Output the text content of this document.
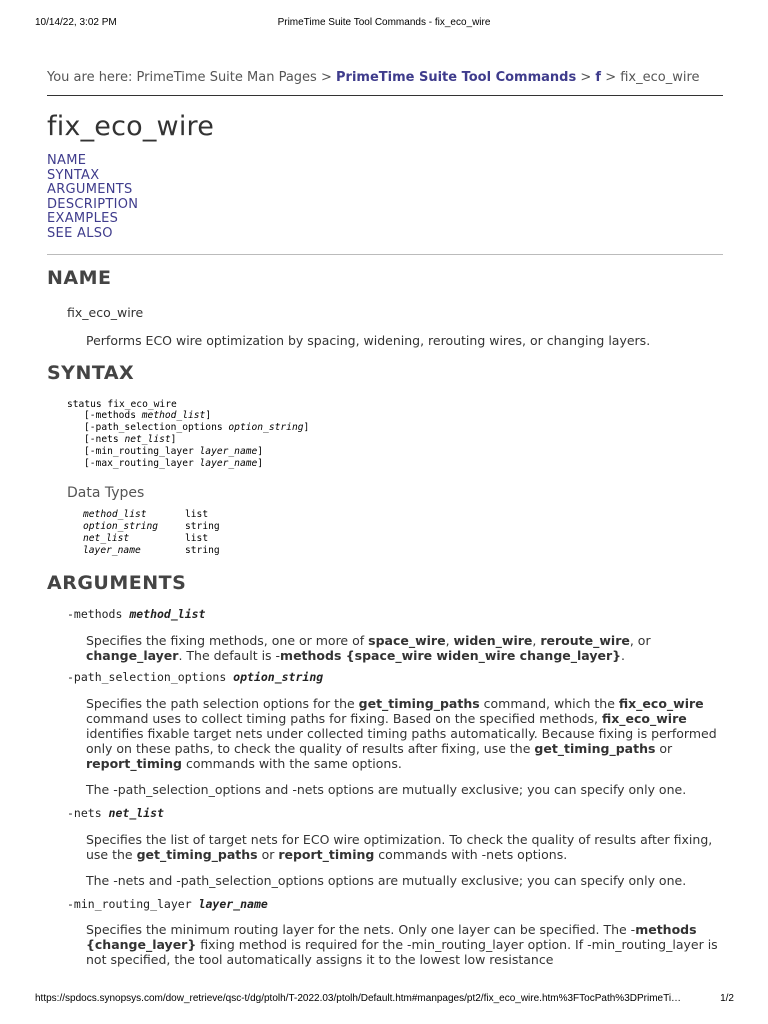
10/14/22, 3:02 PM	PrimeTime Suite Tool Commands - fix_eco_wire
You are here: PrimeTime Suite Man Pages > PrimeTime Suite Tool Commands > f > fix_eco_wire
fix_eco_wire
NAME
SYNTAX
ARGUMENTS
DESCRIPTION
EXAMPLES
SEE ALSO
NAME
fix_eco_wire
Performs ECO wire optimization by spacing, widening, rerouting wires, or changing layers.
SYNTAX
status fix_eco_wire
[-methods method_list]
[-path_selection_options option_string]
[-nets net_list]
[-min_routing_layer layer_name]
[-max_routing_layer layer_name]
Data Types
method_list	list
option_string	string
net_list	list
layer_name	string
ARGUMENTS
-methods method_list
Specifies the fixing methods, one or more of space_wire, widen_wire, reroute_wire, or change_layer. The default is -methods {space_wire widen_wire change_layer}.
-path_selection_options option_string
Specifies the path selection options for the get_timing_paths command, which the fix_eco_wire command uses to collect timing paths for fixing. Based on the specified methods, fix_eco_wire identifies fixable target nets under collected timing paths automatically. Because fixing is performed only on these paths, to check the quality of results after fixing, use the get_timing_paths or report_timing commands with the same options.
The -path_selection_options and -nets options are mutually exclusive; you can specify only one.
-nets net_list
Specifies the list of target nets for ECO wire optimization. To check the quality of results after fixing, use the get_timing_paths or report_timing commands with -nets options.
The -nets and -path_selection_options options are mutually exclusive; you can specify only one.
-min_routing_layer layer_name
Specifies the minimum routing layer for the nets. Only one layer can be specified. The -methods {change_layer} fixing method is required for the -min_routing_layer option. If -min_routing_layer is not specified, the tool automatically assigns it to the lowest low resistance
https://spdocs.synopsys.com/dow_retrieve/qsc-t/dg/ptolh/T-2022.03/ptolh/Default.htm#manpages/pt2/fix_eco_wire.htm%3FTocPath%3DPrimeTi…	1/2
